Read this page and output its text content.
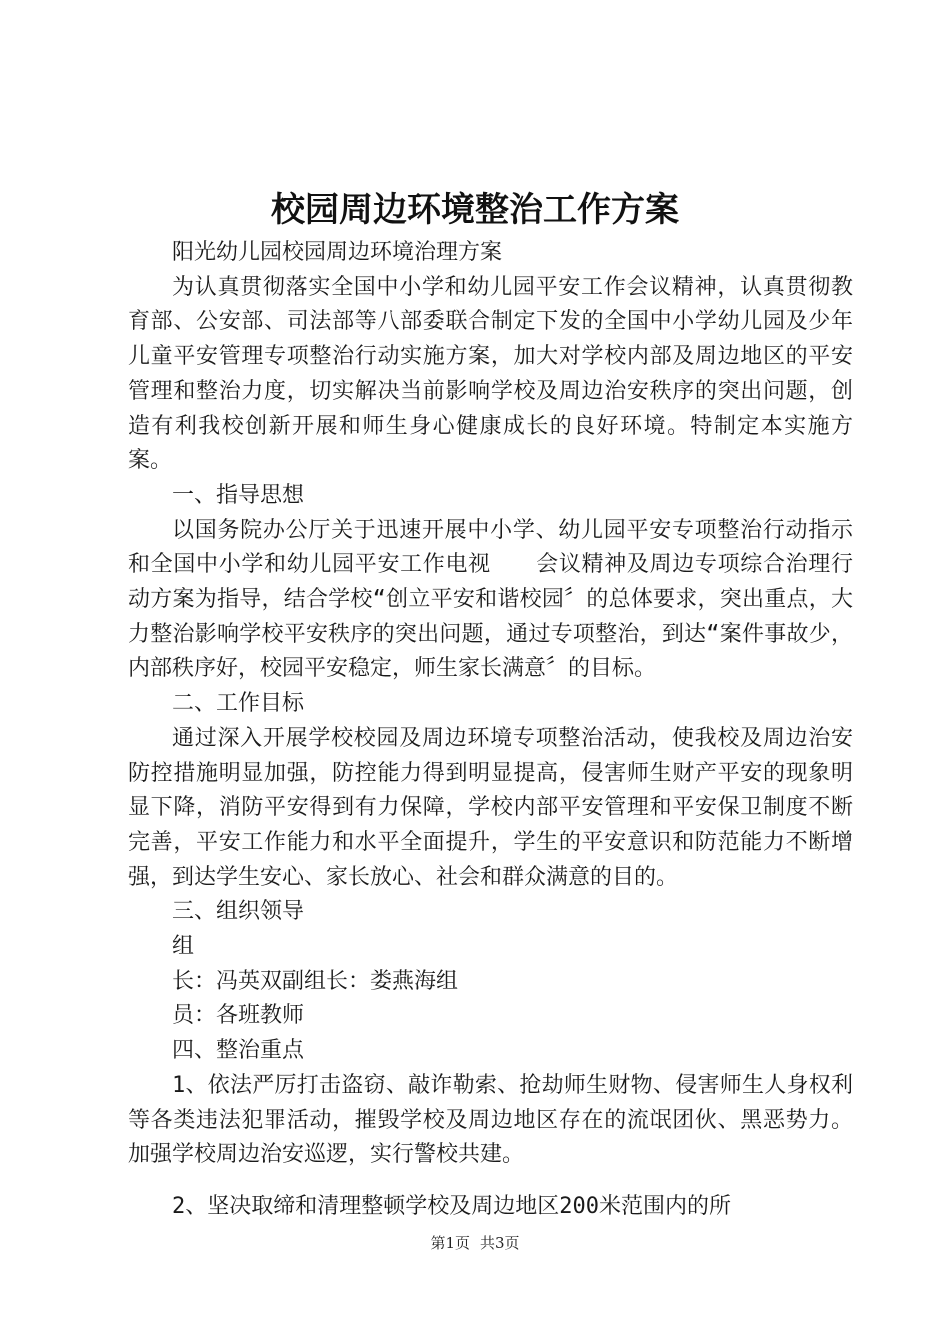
校园周边环境整治工作方案

阳光幼儿园校园周边环境治理方案

为认真贯彻落实全国中小学和幼儿园平安工作会议精神，认真贯彻教育部、公安部、司法部等八部委联合制定下发的全国中小学幼儿园及少年儿童平安管理专项整治行动实施方案，加大对学校内部及周边地区的平安管理和整治力度，切实解决当前影响学校及周边治安秩序的突出问题，创造有利我校创新开展和师生身心健康成长的良好环境。特制定本实施方案。

一、指导思想

以国务院办公厅关于迅速开展中小学、幼儿园平安专项整治行动指示和全国中小学和幼儿园平安工作电视　　会议精神及周边专项综合治理行动方案为指导，结合学校“创立平安和谐校园〞的总体要求，突出重点，大力整治影响学校平安秩序的突出问题，通过专项整治，到达“案件事故少，内部秩序好，校园平安稳定，师生家长满意〞的目标。

二、工作目标

通过深入开展学校校园及周边环境专项整治活动，使我校及周边治安防控措施明显加强，防控能力得到明显提高，侵害师生财产平安的现象明显下降，消防平安得到有力保障，学校内部平安管理和平安保卫制度不断完善，平安工作能力和水平全面提升，学生的平安意识和防范能力不断增强，到达学生安心、家长放心、社会和群众满意的目的。

三、组织领导

组

长：冯英双副组长：娄燕海组

员：各班教师

四、整治重点

1、依法严厉打击盗窃、敲诈勒索、抢劫师生财物、侵害师生人身权利等各类违法犯罪活动，摧毁学校及周边地区存在的流氓团伙、黑恶势力。加强学校周边治安巡逻，实行警校共建。

2、坚决取缔和清理整顿学校及周边地区200米范围内的所

第1页 共3页
